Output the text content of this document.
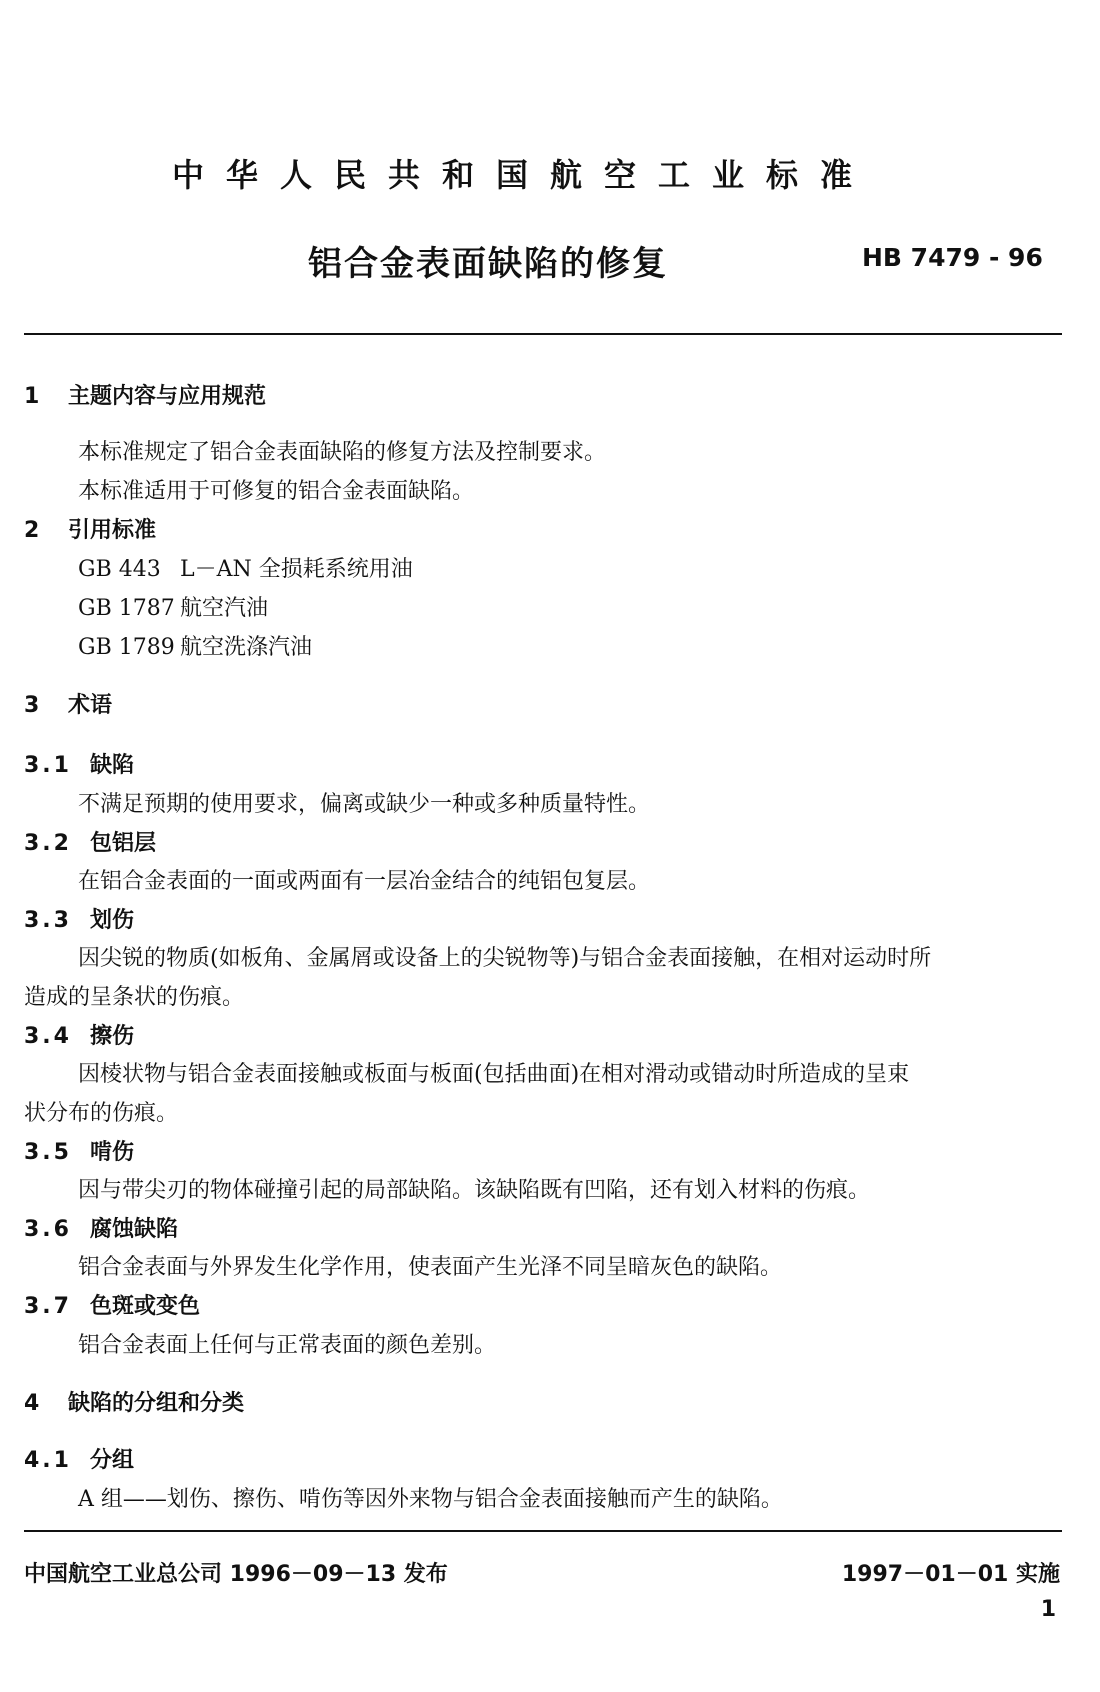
中华人民共和国航空工业标准
铝合金表面缺陷的修复	HB 7479 - 96
1 主题内容与应用规范
本标准规定了铝合金表面缺陷的修复方法及控制要求。
本标准适用于可修复的铝合金表面缺陷。
2 引用标准
GB 443 L－AN 全损耗系统用油
GB 1787 航空汽油
GB 1789 航空洗涤汽油
3 术语
3.1 缺陷
不满足预期的使用要求，偏离或缺少一种或多种质量特性。
3.2 包铝层
在铝合金表面的一面或两面有一层冶金结合的纯铝包复层。
3.3 划伤
因尖锐的物质(如板角、金属屑或设备上的尖锐物等)与铝合金表面接触，在相对运动时所
造成的呈条状的伤痕。
3.4 擦伤
因棱状物与铝合金表面接触或板面与板面(包括曲面)在相对滑动或错动时所造成的呈束
状分布的伤痕。
3.5 啃伤
因与带尖刃的物体碰撞引起的局部缺陷。该缺陷既有凹陷，还有划入材料的伤痕。
3.6 腐蚀缺陷
铝合金表面与外界发生化学作用，使表面产生光泽不同呈暗灰色的缺陷。
3.7 色斑或变色
铝合金表面上任何与正常表面的颜色差别。
4 缺陷的分组和分类
4.1 分组
A 组——划伤、擦伤、啃伤等因外来物与铝合金表面接触而产生的缺陷。
中国航空工业总公司 1996－09－13 发布	1997－01－01 实施
1
